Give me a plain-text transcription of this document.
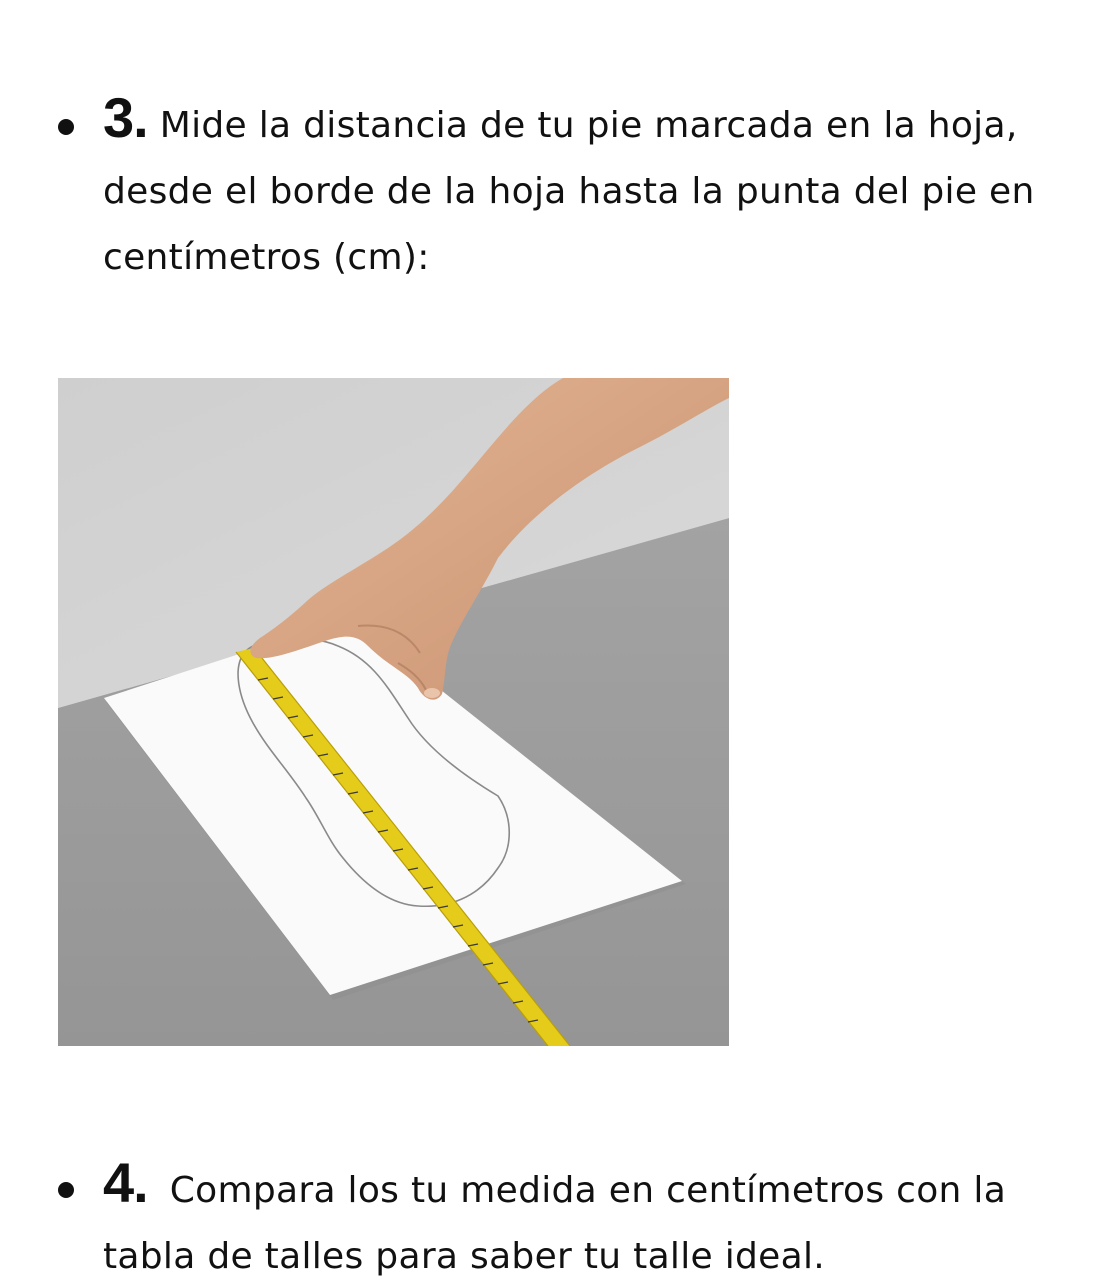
3. Mide la distancia de tu pie marcada en la hoja, desde el borde de la hoja hasta la punta del pie en centímetros (cm):
4. Compara los tu medida en centímetros con la tabla de talles para saber tu talle ideal.
